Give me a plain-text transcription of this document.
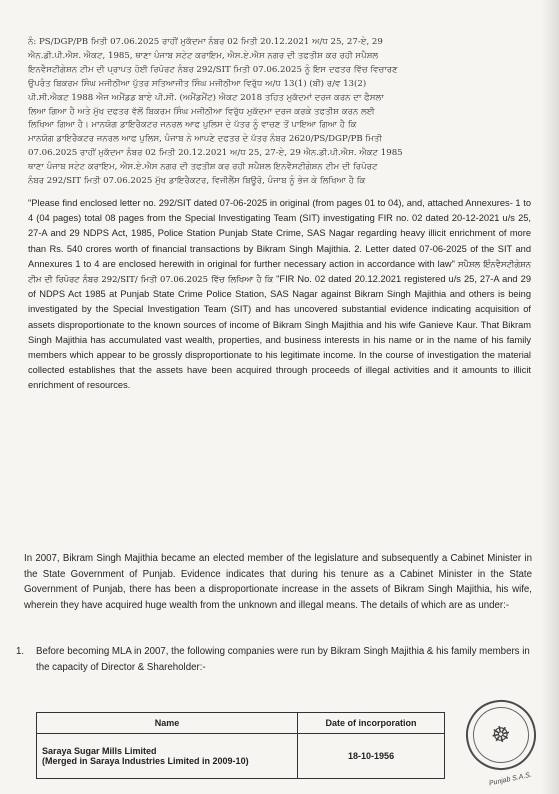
ਨੰ: PS/DGP/PB ਮਿਤੀ 07.06.2025 ਰਾਹੀਂ ਮੁਕੱਦਮਾ ਨੰਬਰ 02 ਮਿਤੀ 20.12.2021 ਅ/ਧ 25, 27-ਏ, 29
ਐਨ.ਡੀ.ਪੀ.ਐਸ. ਐਕਟ, 1985, ਥਾਣਾ ਪੰਜਾਬ ਸਟੇਟ ਕਰਾਇਮ, ਐਸ.ਏ.ਐਸ ਨਗਰ ਦੀ ਤਫਤੀਸ਼ ਕਰ ਰਹੀ ਸਪੈਸ਼ਲ
ਇਨਵੈਸਟੀਗੇਸ਼ਨ ਟੀਮ ਦੀ ਪ੍ਰਾਪਤ ਹੋਈ ਰਿਪੋਰਟ ਨੰਬਰ 292/SIT ਮਿਤੀ 07.06.2025 ਨੂੰ ਇਸ ਦਫਤਰ ਵਿੱਚ ਵਿਚਾਰਣ
ਉਪਰੰਤ ਬਿਕਰਮ ਸਿੰਘ ਮਜੀਠੀਆ ਪੁੱਤਰ ਸਤਿਆਜੀਤ ਸਿੰਘ ਮਜੀਠੀਆ ਵਿਰੁੱਧ ਅ/ਧ 13(1) (ਬੀ) ਰ/ਵ 13(2)
ਪੀ.ਸੀ.ਐਕਟ 1988 ਐਜ ਅਮੈਂਡਡ ਬਾਏ ਪੀ.ਸੀ. (ਅਮੈਂਡਮੈਂਟ) ਐਕਟ 2018 ਤਹਿਤ ਮੁਕੱਦਮਾਂ ਦਰਜ ਕਰਨ ਦਾ ਫੈਸਲਾ
ਲਿਆ ਗਿਆ ਹੈ ਅਤੇ ਮੁੱਖ ਦਫਤਰ ਵੱਲੋਂ ਬਿਕਰਮ ਸਿੰਘ ਮਜੀਠੀਆ ਵਿਰੁੱਧ ਮੁਕੱਦਮਾ ਦਰਜ ਕਰਕੇ ਤਫਤੀਸ਼ ਕਰਨ ਲਈ
ਲਿਖਿਆ ਗਿਆ ਹੈ। ਮਾਨਯੋਗ ਡਾਇਰੈਕਟਰ ਜਨਰਲ ਆਫ ਪੁਲਿਸ ਦੇ ਪੱਤਰ ਨੂੰ ਵਾਚਣ ਤੋਂ ਪਾਇਆ ਗਿਆ ਹੈ ਕਿ
ਮਾਨਯੋਗ ਡਾਇਰੈਕਟਰ ਜਨਰਲ ਆਫ ਪੁਲਿਸ, ਪੰਜਾਬ ਨੇ ਆਪਣੇ ਦਫਤਰ ਦੇ ਪੱਤਰ ਨੰਬਰ 2620/PS/DGP/PB ਮਿਤੀ
07.06.2025 ਰਾਹੀਂ ਮੁਕੱਦਮਾ ਨੰਬਰ 02 ਮਿਤੀ 20.12.2021 ਅ/ਧ 25, 27-ਏ, 29 ਐਨ.ਡੀ.ਪੀ.ਐਸ. ਐਕਟ 1985
ਥਾਣਾ ਪੰਜਾਬ ਸਟੇਟ ਕਰਾਇਮ, ਐਸ.ਏ.ਐਸ ਨਗਰ ਦੀ ਤਫਤੀਸ਼ ਕਰ ਰਹੀ ਸਪੈਸ਼ਲ ਇਨਵੈਸਟੀਗੇਸ਼ਨ ਟੀਮ ਦੀ ਰਿਪੋਰਟ
ਨੰਬਰ 292/SIT ਮਿਤੀ 07.06.2025 ਮੁੱਖ ਡਾਇਰੈਕਟਰ, ਵਿਜੀਲੈਂਸ ਬਿਊਰੋ, ਪੰਜਾਬ ਨੂੰ ਭੇਜ ਕੇ ਲਿਖਿਆ ਹੈ ਕਿ
"Please find enclosed letter no. 292/SIT dated 07-06-2025 in original (from pages 01 to 04), and, attached Annexures- 1 to 4 (04 pages) total 08 pages from the Special Investigating Team (SIT) investigating FIR no. 02 dated 20-12-2021 u/s 25, 27-A and 29 NDPS Act, 1985, Police Station Punjab State Crime, SAS Nagar regarding heavy illicit enrichment of more than Rs. 540 crores worth of financial transactions by Bikram Singh Majithia. 2. Letter dated 07-06-2025 of the SIT and Annexures 1 to 4 are enclosed herewith in original for further necessary action in accordance with law" ਸਪੈਸ਼ਲ ਇੰਨਵੈਸਟੀਗੇਸ਼ਨ ਟੀਮ ਦੀ ਰਿਪੋਰਟ ਨੰਬਰ 292/SIT/ ਮਿਤੀ 07.06.2025 ਵਿੱਚ ਲਿਖਿਆ ਹੈ ਕਿ "FIR No. 02 dated 20.12.2021 registered u/s 25, 27-A and 29 of NDPS Act 1985 at Punjab State Crime Police Station, SAS Nagar against Bikram Singh Majithia and others is being investigated by the Special Investigation Team (SIT) and has uncovered substantial evidence indicating acquisition of assets disproportionate to the known sources of income of Bikram Singh Majithia and his wife Ganieve Kaur. That Bikram Singh Majithia has accumulated vast wealth, properties, and business interests in his name or in the name of his family members which appear to be grossly disproportionate to his legitimate income. In the course of investigation the material collected establishes that the assets have been acquired through proceeds of illegal activities and it amounts to illicit enrichment of resources.
In 2007, Bikram Singh Majithia became an elected member of the legislature and subsequently a Cabinet Minister in the State Government of Punjab. Evidence indicates that during his tenure as a Cabinet Minister in the State Government of Punjab, there has been a disproportionate increase in the assets of Bikram Singh Majithia, his wife, wherein they have acquired huge wealth from the unknown and illegal means. The details of which are as under:-
1. Before becoming MLA in 2007, the following companies were run by Bikram Singh Majithia & his family members in the capacity of Director & Shareholder:-
Name	Date of incorporation

Saraya Sugar Mills Limited
(Merged in Saraya Industries Limited in 2009-10)	18-10-1956
☸
Punjab S.A.S.
